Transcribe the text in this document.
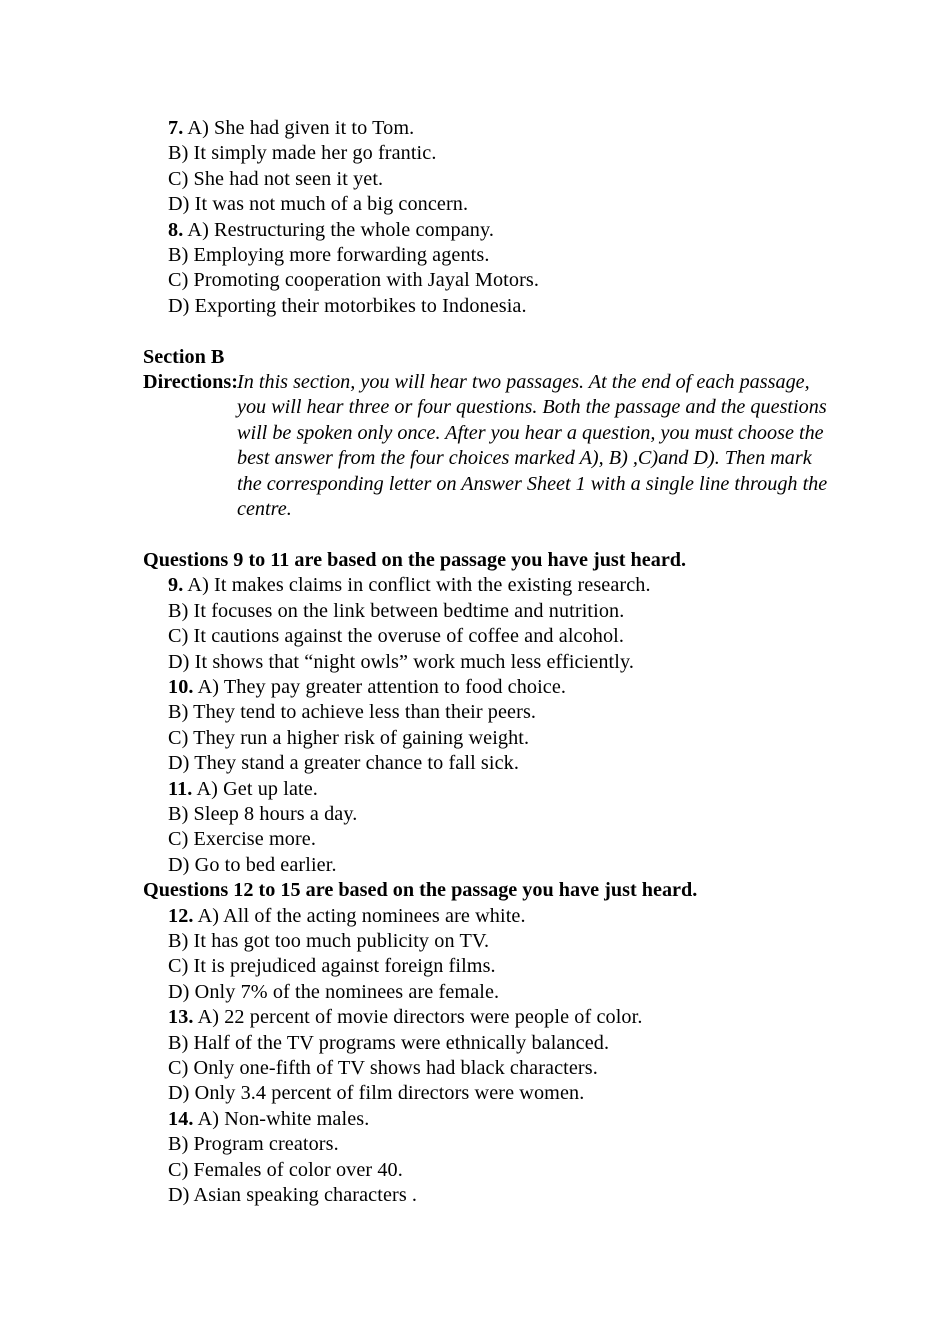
7. A) She had given it to Tom.
B) It simply made her go frantic.
C) She had not seen it yet.
D) It was not much of a big concern.
8. A) Restructuring the whole company.
B) Employing more forwarding agents.
C) Promoting cooperation with Jayal Motors.
D) Exporting their motorbikes to Indonesia.
Section B
Directions: In this section, you will hear two passages. At the end of each passage,
you will hear three or four questions. Both the passage and the questions
will be spoken only once. After you hear a question, you must choose the
best answer from the four choices marked A), B) ,C)and D). Then mark
the corresponding letter on Answer Sheet 1 with a single line through the
centre.
Questions 9 to 11 are based on the passage you have just heard.
9. A) It makes claims in conflict with the existing research.
B) It focuses on the link between bedtime and nutrition.
C) It cautions against the overuse of coffee and alcohol.
D) It shows that “night owls” work much less efficiently.
10. A) They pay greater attention to food choice.
B) They tend to achieve less than their peers.
C) They run a higher risk of gaining weight.
D) They stand a greater chance to fall sick.
11. A) Get up late.
B) Sleep 8 hours a day.
C) Exercise more.
D) Go to bed earlier.
Questions 12 to 15 are based on the passage you have just heard.
12. A) All of the acting nominees are white.
B) It has got too much publicity on TV.
C) It is prejudiced against foreign films.
D) Only 7% of the nominees are female.
13. A) 22 percent of movie directors were people of color.
B) Half of the TV programs were ethnically balanced.
C) Only one-fifth of TV shows had black characters.
D) Only 3.4 percent of film directors were women.
14. A) Non-white males.
B) Program creators.
C) Females of color over 40.
D) Asian speaking characters .
